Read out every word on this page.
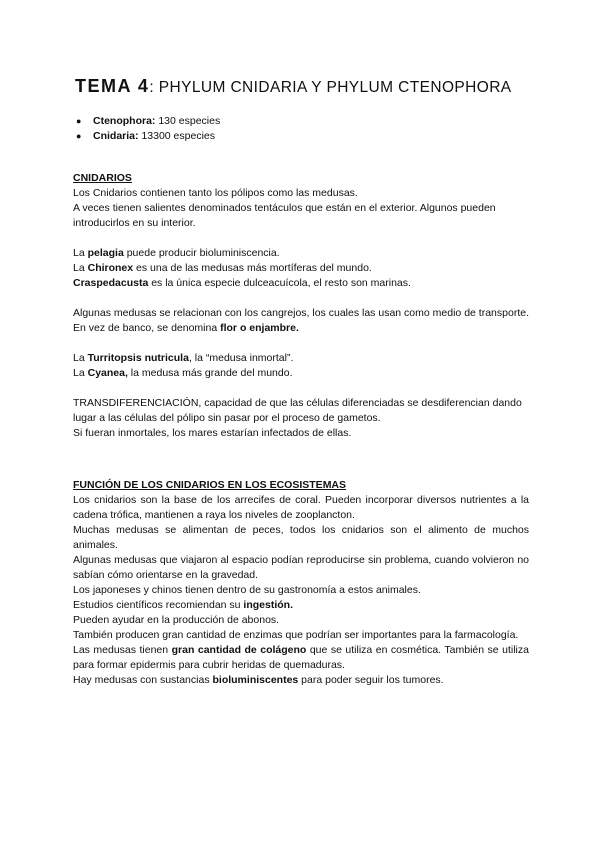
TEMA 4: PHYLUM CNIDARIA Y PHYLUM CTENOPHORA
● Ctenophora: 130 especies
● Cnidaria: 13300 especies

CNIDARIOS

Los Cnidarios contienen tanto los pólipos como las medusas.

A veces tienen salientes denominados tentáculos que están en el exterior. Algunos pueden introducirlos en su interior.

La pelagia puede producir bioluminiscencia.

La Chironex es una de las medusas más mortíferas del mundo.

Craspedacusta es la única especie dulceacuícola, el resto son marinas.

Algunas medusas se relacionan con los cangrejos, los cuales las usan como medio de transporte. En vez de banco, se denomina flor o enjambre.

La Turritopsis nutricula, la “medusa inmortal”.

La Cyanea, la medusa más grande del mundo.

TRANSDIFERENCIACIÓN, capacidad de que las células diferenciadas se desdiferencian dando lugar a las células del pólipo sin pasar por el proceso de gametos.

Si fueran inmortales, los mares estarían infectados de ellas.

FUNCIÓN DE LOS CNIDARIOS EN LOS ECOSISTEMAS

Los cnidarios son la base de los arrecifes de coral. Pueden incorporar diversos nutrientes a la cadena trófica, mantienen a raya los niveles de zooplancton.

Muchas medusas se alimentan de peces, todos los cnidarios son el alimento de muchos animales.

Algunas medusas que viajaron al espacio podían reproducirse sin problema, cuando volvieron no sabían cómo orientarse en la gravedad.

Los japoneses y chinos tienen dentro de su gastronomía a estos animales.

Estudios científicos recomiendan su ingestión.

Pueden ayudar en la producción de abonos.

También producen gran cantidad de enzimas que podrían ser importantes para la farmacología.

Las medusas tienen gran cantidad de colágeno que se utiliza en cosmética. También se utiliza para formar epidermis para cubrir heridas de quemaduras.

Hay medusas con sustancias bioluminiscentes para poder seguir los tumores.
